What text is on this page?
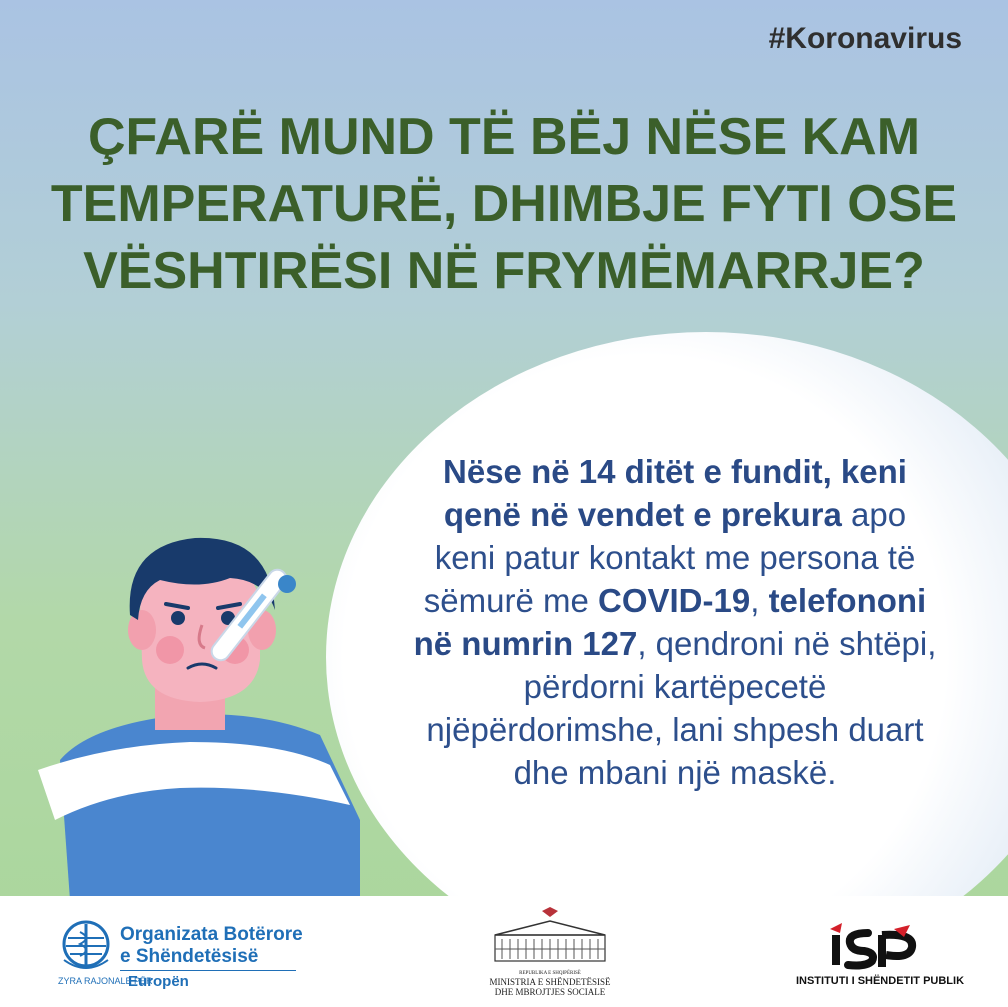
#Koronavirus
ÇFARË MUND TË BËJ NËSE KAM
TEMPERATURË, DHIMBJE FYTI OSE
VËSHTIRËSI NË FRYMËMARRJE?
Nëse në 14 ditët e fundit, keni qenë në vendet e prekura apo keni patur kontakt me persona të sëmurë me COVID-19, telefononi në numrin 127, qendroni në shtëpi, përdorni kartëpecetë njëpërdorimshe, lani shpesh duart dhe mbani një maskë.
Organizata Botërore
e Shëndetësisë
ZYRA RAJONALE PËR
Europën	REPUBLIKA E SHQIPËRISË
MINISTRIA E SHËNDETËSISË
DHE MBROJTJES SOCIALE
INSTITUTI I SHËNDETIT PUBLIK
